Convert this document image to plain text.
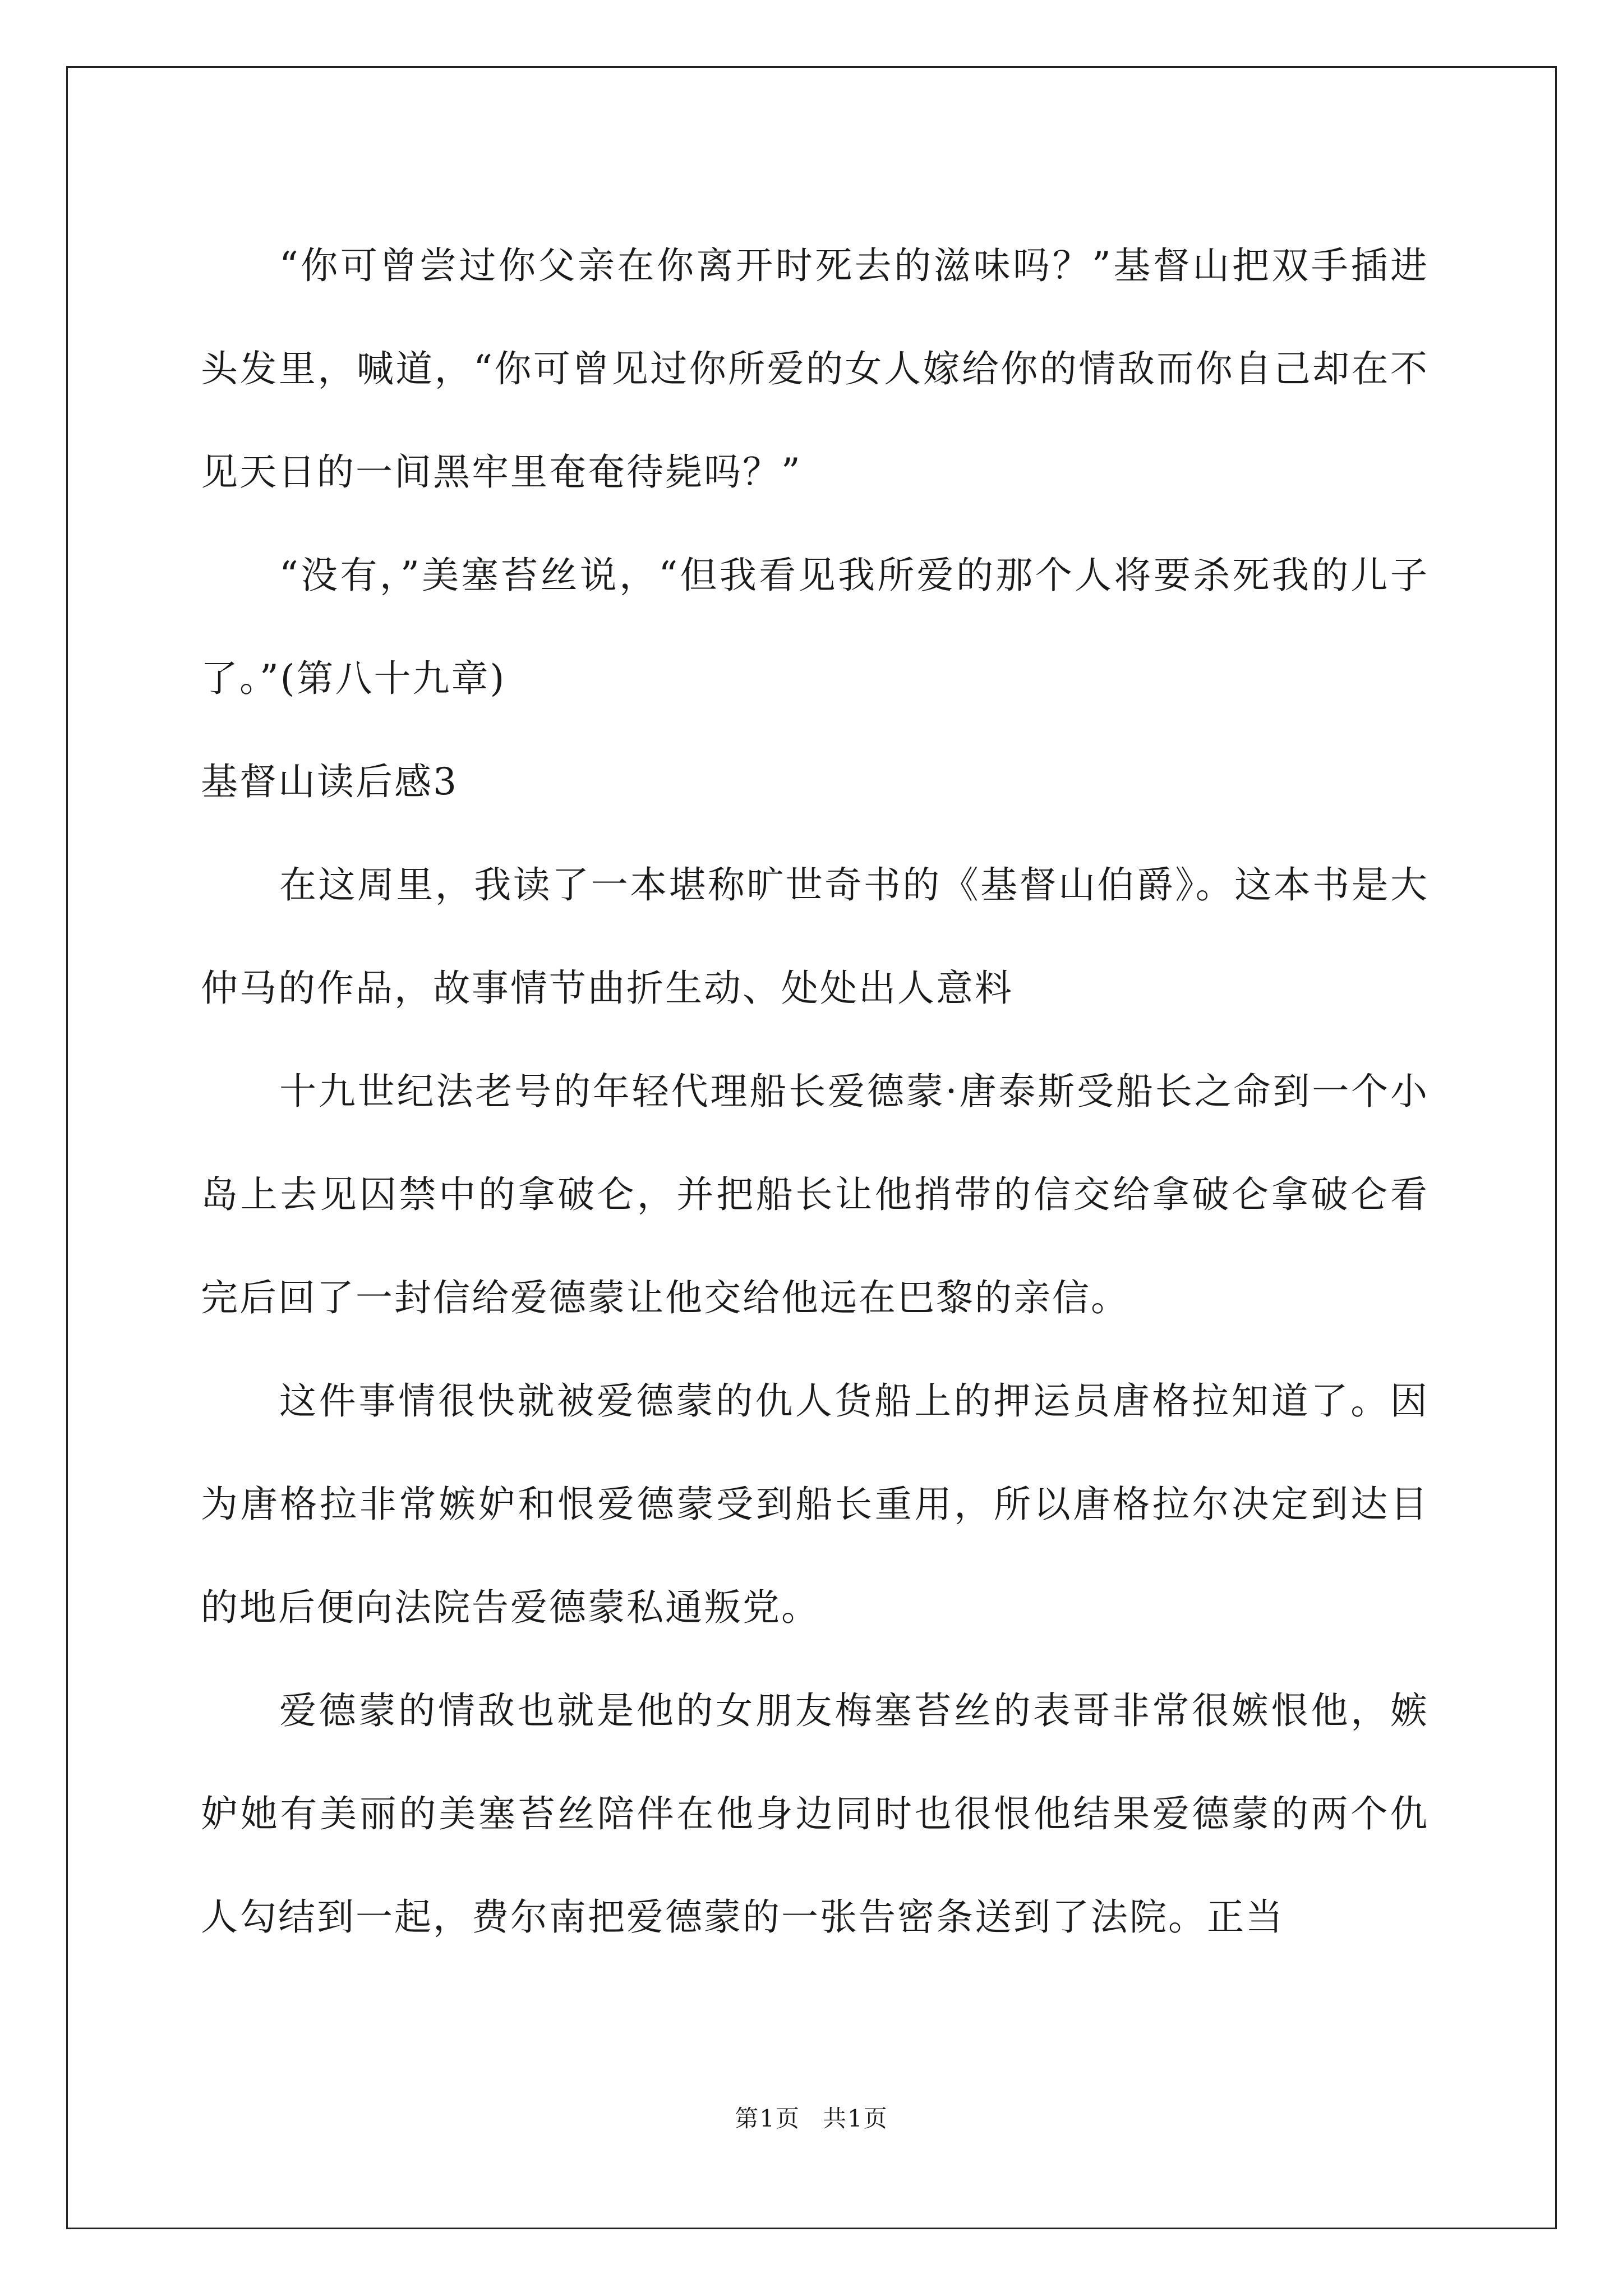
“你可曾尝过你父亲在你离开时死去的滋味吗？”基督山把双手插进头发里，喊道，“你可曾见过你所爱的女人嫁给你的情敌而你自己却在不见天日的一间黑牢里奄奄待毙吗？”

“没有，”美塞苔丝说，“但我看见我所爱的那个人将要杀死我的儿子了。”(第八十九章)

基督山读后感3

在这周里，我读了一本堪称旷世奇书的《基督山伯爵》。这本书是大仲马的作品，故事情节曲折生动、处处出人意料

十九世纪法老号的年轻代理船长爱德蒙·唐泰斯受船长之命到一个小岛上去见囚禁中的拿破仑，并把船长让他捎带的信交给拿破仑拿破仑看完后回了一封信给爱德蒙让他交给他远在巴黎的亲信。

这件事情很快就被爱德蒙的仇人货船上的押运员唐格拉知道了。因为唐格拉非常嫉妒和恨爱德蒙受到船长重用，所以唐格拉尔决定到达目的地后便向法院告爱德蒙私通叛党。

爱德蒙的情敌也就是他的女朋友梅塞苔丝的表哥非常很嫉恨他，嫉妒她有美丽的美塞苔丝陪伴在他身边同时也很恨他结果爱德蒙的两个仇人勾结到一起，费尔南把爱德蒙的一张告密条送到了法院。正当

第1页 共1页
